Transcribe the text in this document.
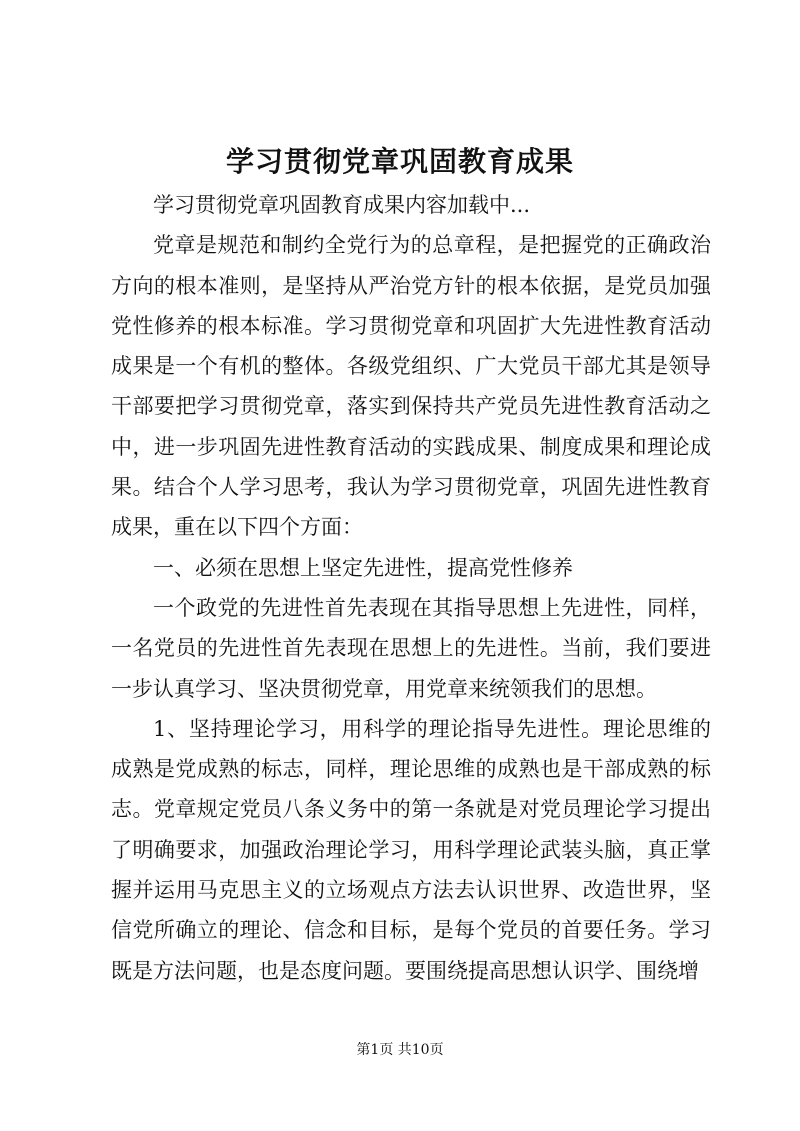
学习贯彻党章巩固教育成果

学习贯彻党章巩固教育成果内容加载中...

党章是规范和制约全党行为的总章程，是把握党的正确政治方向的根本准则，是坚持从严治党方针的根本依据，是党员加强党性修养的根本标准。学习贯彻党章和巩固扩大先进性教育活动成果是一个有机的整体。各级党组织、广大党员干部尤其是领导干部要把学习贯彻党章，落实到保持共产党员先进性教育活动之中，进一步巩固先进性教育活动的实践成果、制度成果和理论成果。结合个人学习思考，我认为学习贯彻党章，巩固先进性教育成果，重在以下四个方面：

一、必须在思想上坚定先进性，提高党性修养

一个政党的先进性首先表现在其指导思想上先进性，同样，一名党员的先进性首先表现在思想上的先进性。当前，我们要进一步认真学习、坚决贯彻党章，用党章来统领我们的思想。

1、坚持理论学习，用科学的理论指导先进性。理论思维的成熟是党成熟的标志，同样，理论思维的成熟也是干部成熟的标志。党章规定党员八条义务中的第一条就是对党员理论学习提出了明确要求，加强政治理论学习，用科学理论武装头脑，真正掌握并运用马克思主义的立场观点方法去认识世界、改造世界，坚信党所确立的理论、信念和目标，是每个党员的首要任务。学习既是方法问题，也是态度问题。要围绕提高思想认识学、围绕增

第1页 共10页
